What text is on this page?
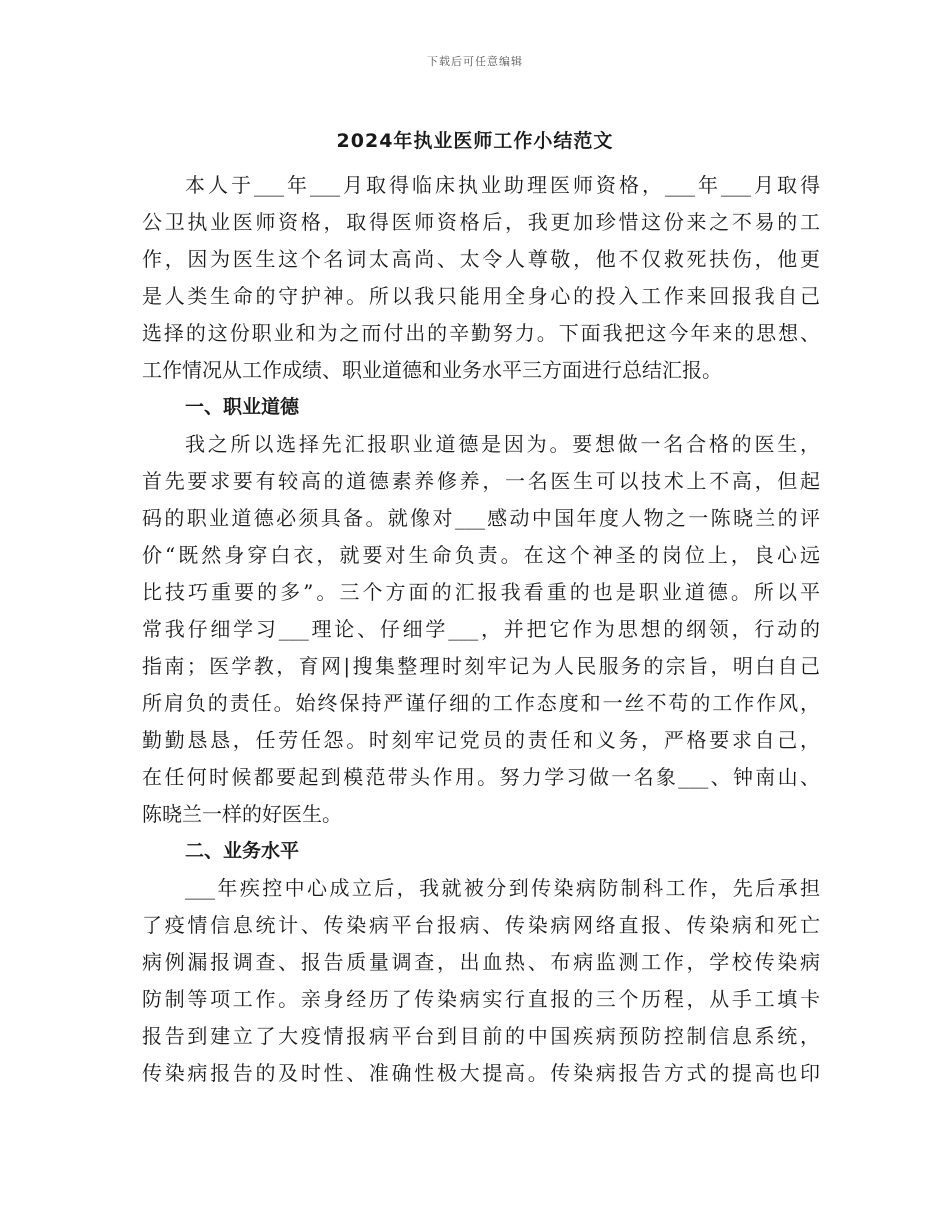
下载后可任意编辑
2024年执业医师工作小结范文
本人于___年___月取得临床执业助理医师资格，___年___月取得
公卫执业医师资格，取得医师资格后，我更加珍惜这份来之不易的工
作，因为医生这个名词太高尚、太令人尊敬，他不仅救死扶伤，他更
是人类生命的守护神。所以我只能用全身心的投入工作来回报我自己
选择的这份职业和为之而付出的辛勤努力。下面我把这今年来的思想、
工作情况从工作成绩、职业道德和业务水平三方面进行总结汇报。
一、职业道德
我之所以选择先汇报职业道德是因为。要想做一名合格的医生，
首先要求要有较高的道德素养修养，一名医生可以技术上不高，但起
码的职业道德必须具备。就像对___感动中国年度人物之一陈晓兰的评
价“既然身穿白衣，就要对生命负责。在这个神圣的岗位上，良心远
比技巧重要的多”。三个方面的汇报我看重的也是职业道德。所以平
常我仔细学习___理论、仔细学___，并把它作为思想的纲领，行动的
指南；医学教，育网|搜集整理时刻牢记为人民服务的宗旨，明白自己
所肩负的责任。始终保持严谨仔细的工作态度和一丝不苟的工作作风，
勤勤恳恳，任劳任怨。时刻牢记党员的责任和义务，严格要求自己，
在任何时候都要起到模范带头作用。努力学习做一名象___、钟南山、
陈晓兰一样的好医生。
二、业务水平
___年疾控中心成立后，我就被分到传染病防制科工作，先后承担
了疫情信息统计、传染病平台报病、传染病网络直报、传染病和死亡
病例漏报调查、报告质量调查，出血热、布病监测工作，学校传染病
防制等项工作。亲身经历了传染病实行直报的三个历程，从手工填卡
报告到建立了大疫情报病平台到目前的中国疾病预防控制信息系统，
传染病报告的及时性、准确性极大提高。传染病报告方式的提高也印
